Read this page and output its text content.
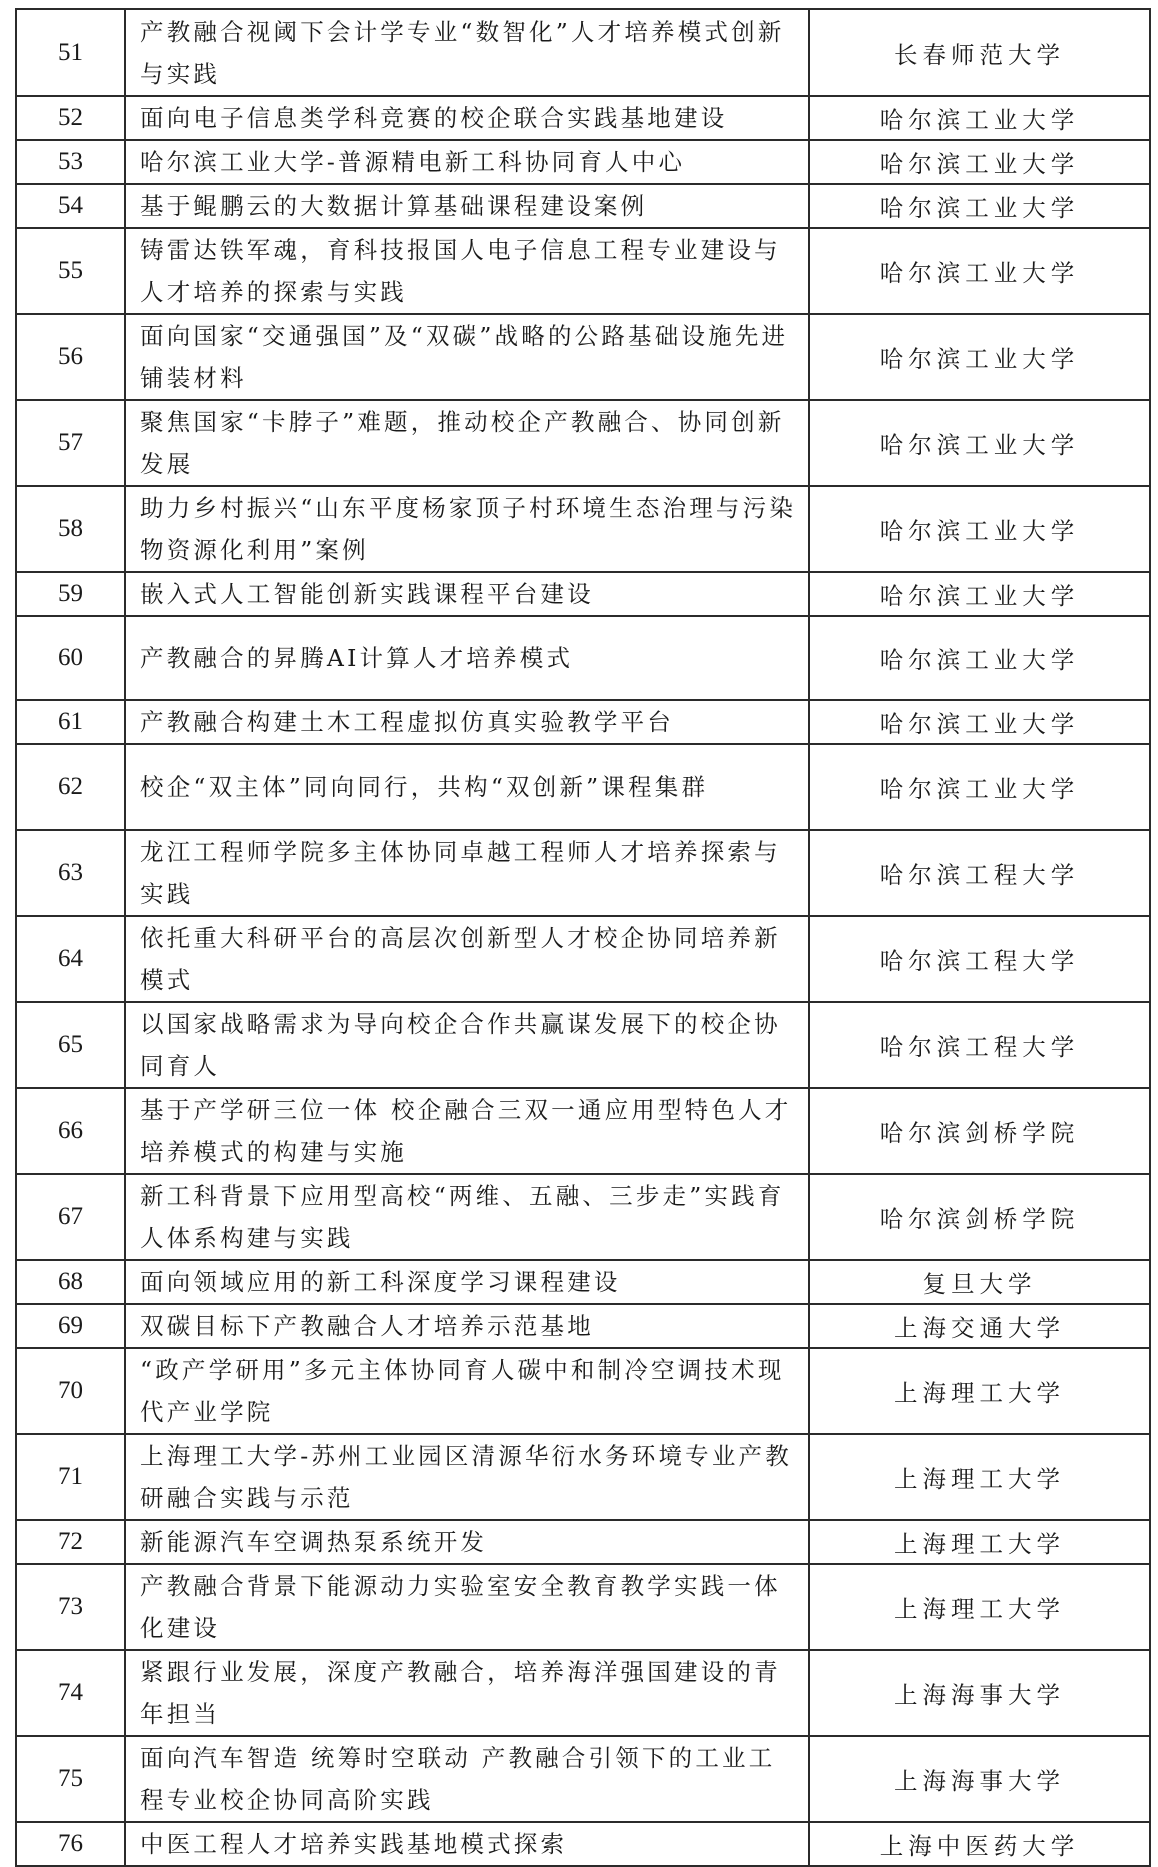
51	产教融合视阈下会计学专业“数智化”人才培养模式创新与实践	长春师范大学
52	面向电子信息类学科竞赛的校企联合实践基地建设	哈尔滨工业大学
53	哈尔滨工业大学-普源精电新工科协同育人中心	哈尔滨工业大学
54	基于鲲鹏云的大数据计算基础课程建设案例	哈尔滨工业大学
55	铸雷达铁军魂，育科技报国人电子信息工程专业建设与人才培养的探索与实践	哈尔滨工业大学
56	面向国家“交通强国”及“双碳”战略的公路基础设施先进铺装材料	哈尔滨工业大学
57	聚焦国家“卡脖子”难题，推动校企产教融合、协同创新发展	哈尔滨工业大学
58	助力乡村振兴“山东平度杨家顶子村环境生态治理与污染物资源化利用”案例	哈尔滨工业大学
59	嵌入式人工智能创新实践课程平台建设	哈尔滨工业大学
60	产教融合的昇腾AI计算人才培养模式	哈尔滨工业大学
61	产教融合构建土木工程虚拟仿真实验教学平台	哈尔滨工业大学
62	校企“双主体”同向同行，共构“双创新”课程集群	哈尔滨工业大学
63	龙江工程师学院多主体协同卓越工程师人才培养探索与实践	哈尔滨工程大学
64	依托重大科研平台的高层次创新型人才校企协同培养新模式	哈尔滨工程大学
65	以国家战略需求为导向校企合作共赢谋发展下的校企协同育人	哈尔滨工程大学
66	基于产学研三位一体 校企融合三双一通应用型特色人才培养模式的构建与实施	哈尔滨剑桥学院
67	新工科背景下应用型高校“两维、五融、三步走”实践育人体系构建与实践	哈尔滨剑桥学院
68	面向领域应用的新工科深度学习课程建设	复旦大学
69	双碳目标下产教融合人才培养示范基地	上海交通大学
70	“政产学研用”多元主体协同育人碳中和制冷空调技术现代产业学院	上海理工大学
71	上海理工大学-苏州工业园区清源华衍水务环境专业产教研融合实践与示范	上海理工大学
72	新能源汽车空调热泵系统开发	上海理工大学
73	产教融合背景下能源动力实验室安全教育教学实践一体化建设	上海理工大学
74	紧跟行业发展，深度产教融合，培养海洋强国建设的青年担当	上海海事大学
75	面向汽车智造 统筹时空联动 产教融合引领下的工业工程专业校企协同高阶实践	上海海事大学
76	中医工程人才培养实践基地模式探索	上海中医药大学
